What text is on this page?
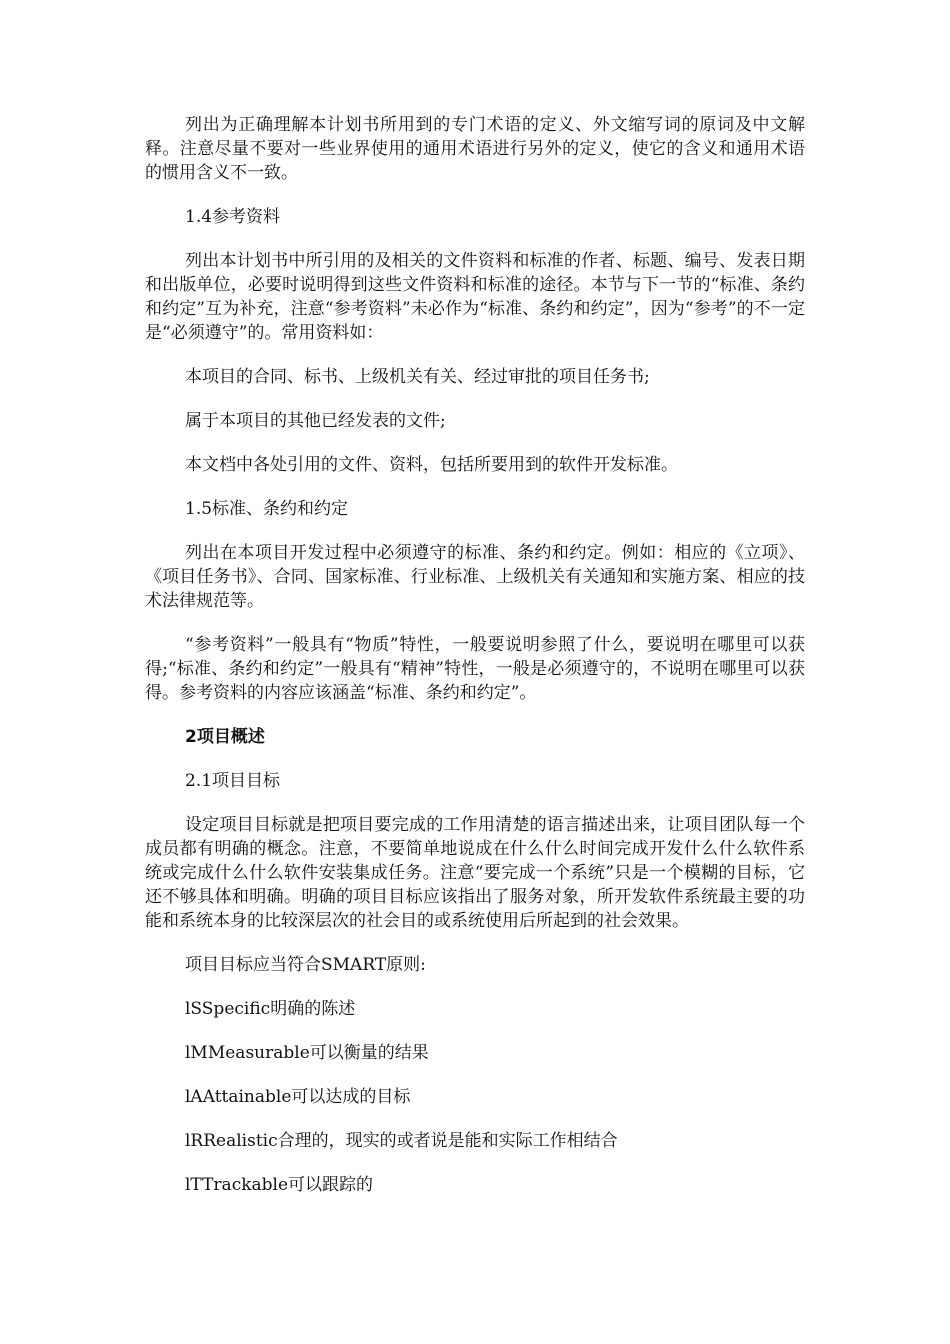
列出为正确理解本计划书所用到的专门术语的定义、外文缩写词的原词及中文解释。注意尽量不要对一些业界使用的通用术语进行另外的定义，使它的含义和通用术语的惯用含义不一致。

1.4参考资料

列出本计划书中所引用的及相关的文件资料和标准的作者、标题、编号、发表日期和出版单位，必要时说明得到这些文件资料和标准的途径。本节与下一节的“标准、条约和约定”互为补充，注意“参考资料”未必作为“标准、条约和约定”，因为“参考”的不一定是“必须遵守”的。常用资料如：

本项目的合同、标书、上级机关有关、经过审批的项目任务书;

属于本项目的其他已经发表的文件;

本文档中各处引用的文件、资料，包括所要用到的软件开发标准。

1.5标准、条约和约定

列出在本项目开发过程中必须遵守的标准、条约和约定。例如：相应的《立项》、《项目任务书》、合同、国家标准、行业标准、上级机关有关通知和实施方案、相应的技术法律规范等。

“参考资料”一般具有“物质”特性，一般要说明参照了什么，要说明在哪里可以获得;“标准、条约和约定”一般具有“精神”特性，一般是必须遵守的，不说明在哪里可以获得。参考资料的内容应该涵盖“标准、条约和约定”。

2项目概述

2.1项目目标

设定项目目标就是把项目要完成的工作用清楚的语言描述出来，让项目团队每一个成员都有明确的概念。注意，不要简单地说成在什么什么时间完成开发什么什么软件系统或完成什么什么软件安装集成任务。注意“要完成一个系统”只是一个模糊的目标，它还不够具体和明确。明确的项目目标应该指出了服务对象，所开发软件系统最主要的功能和系统本身的比较深层次的社会目的或系统使用后所起到的社会效果。

项目目标应当符合SMART原则:

lSSpecific明确的陈述

lMMeasurable可以衡量的结果

lAAttainable可以达成的目标

lRRealistic合理的，现实的或者说是能和实际工作相结合

lTTrackable可以跟踪的
